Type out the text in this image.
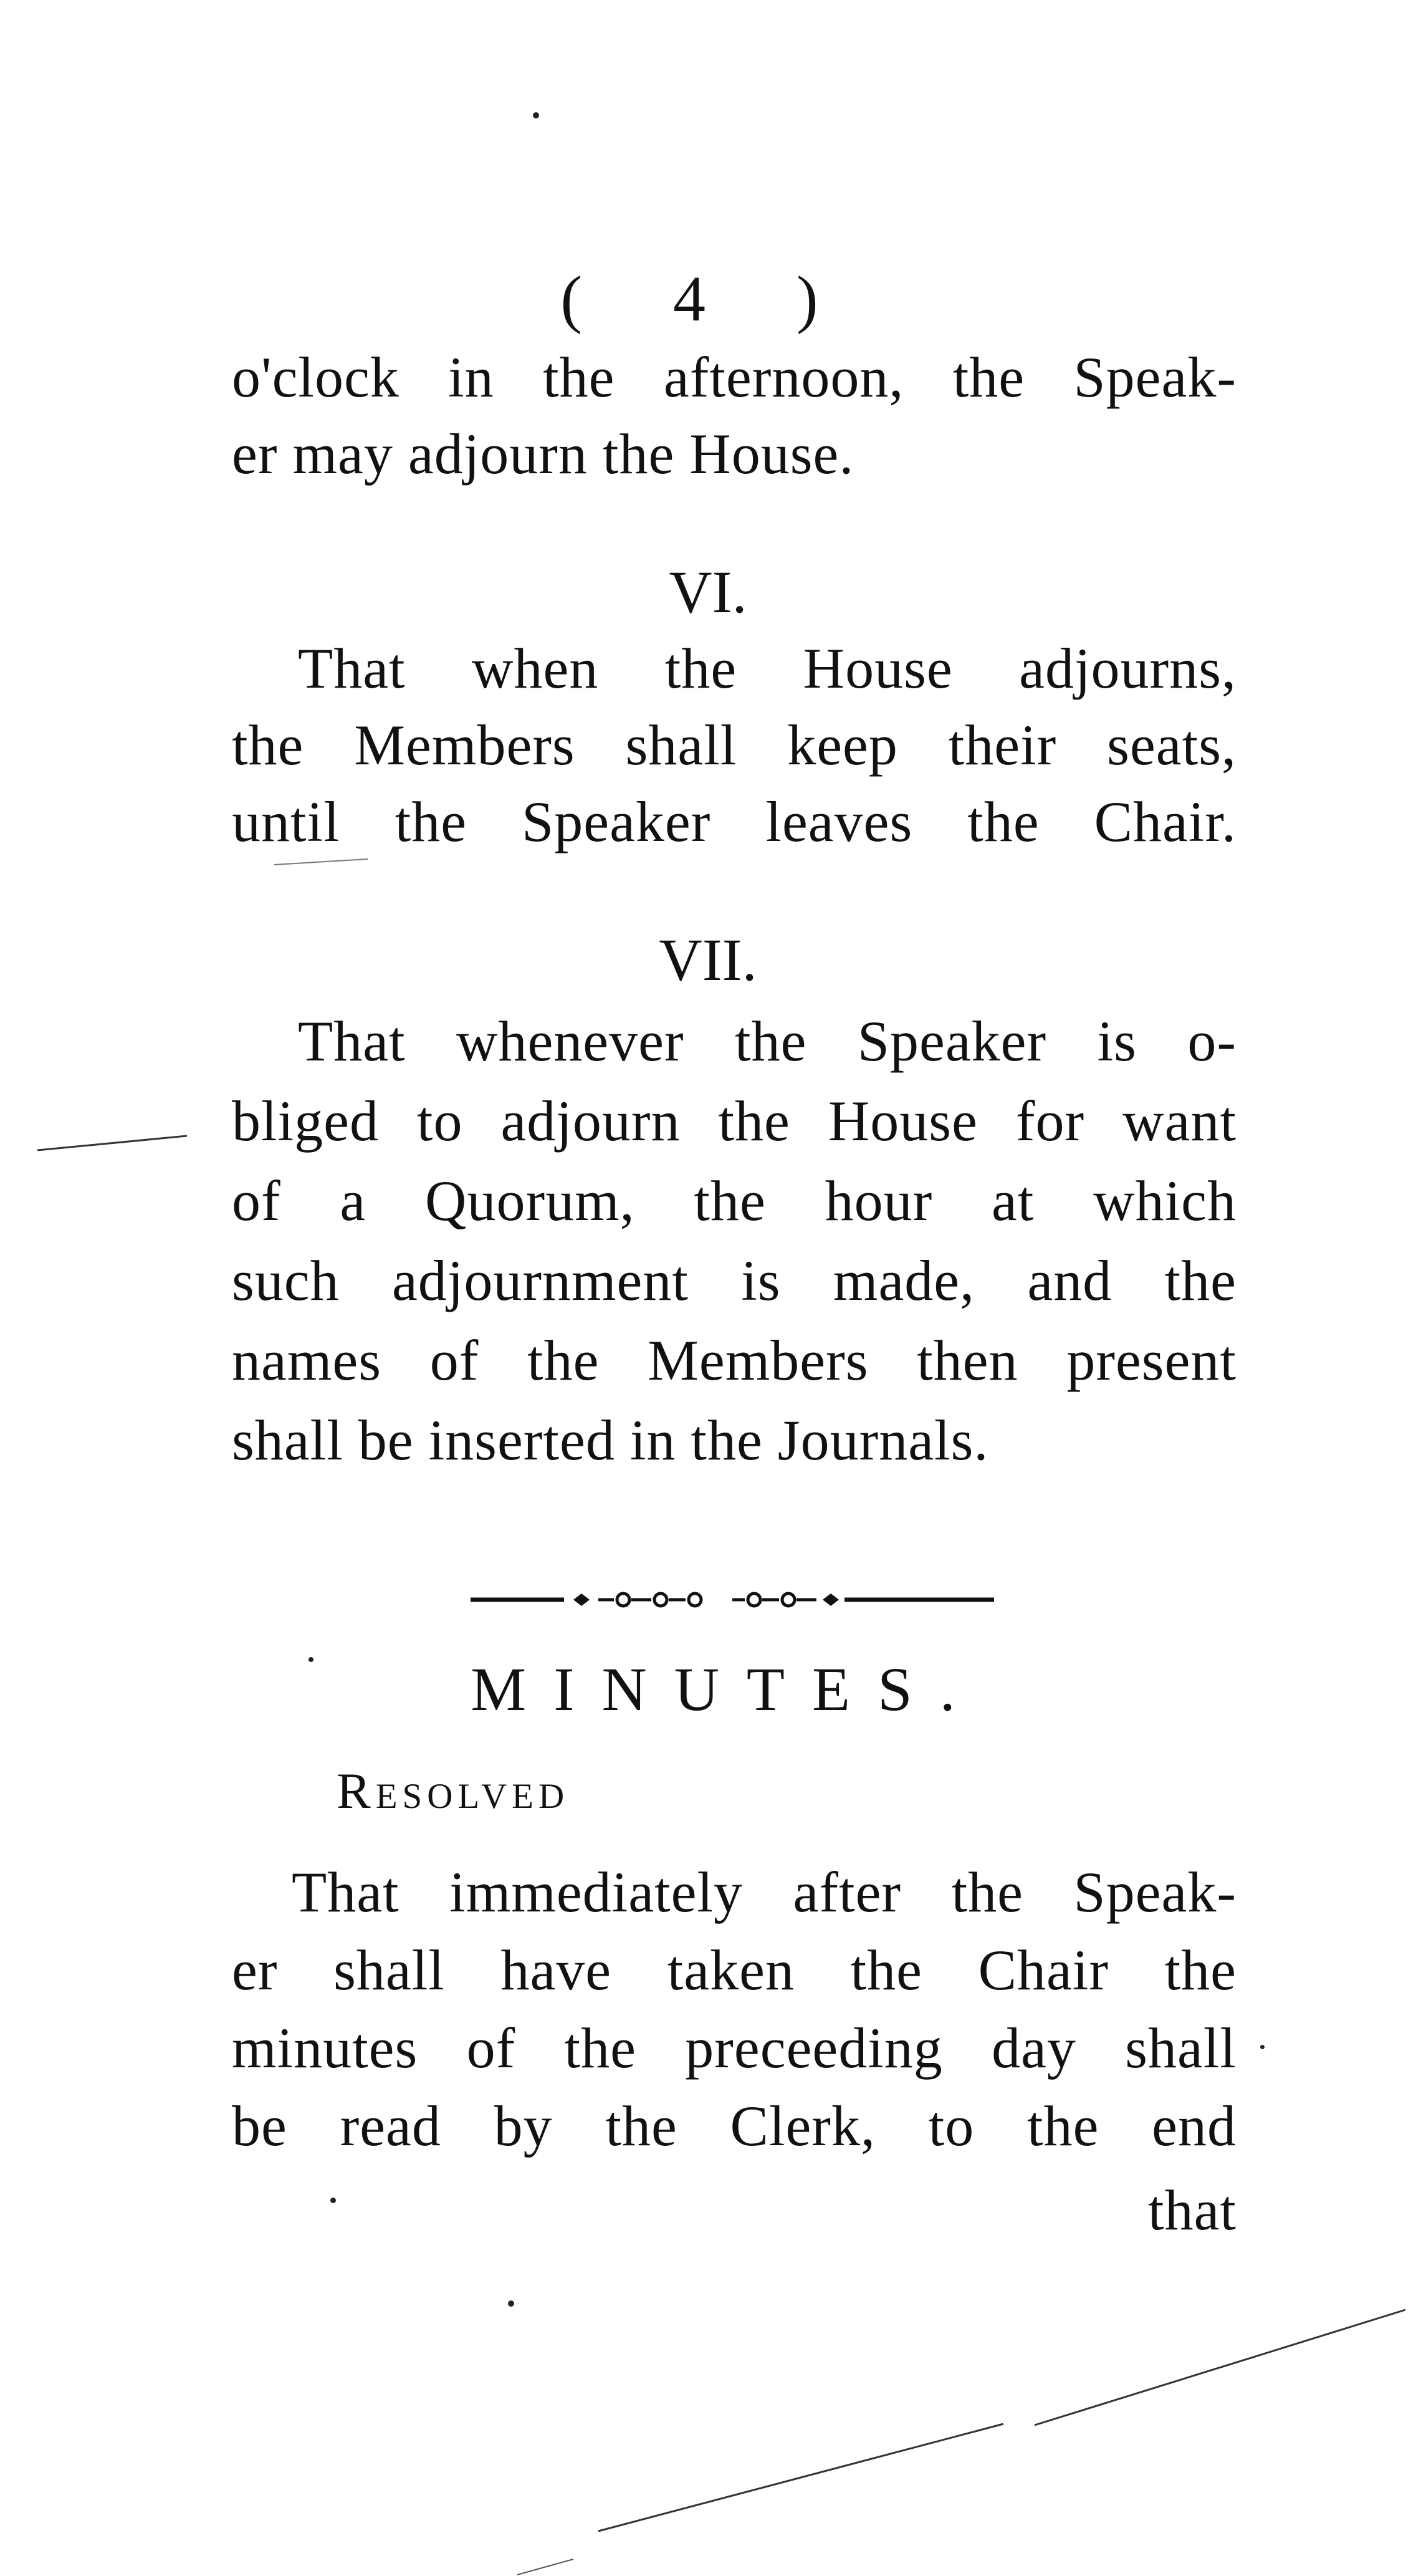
( 4 )
o'clock in the afternoon, the Speak-
er may adjourn the House.
VI.
That when the House adjourns,
the Members shall keep their seats,
until the Speaker leaves the Chair.
VII.
That whenever the Speaker is o-
bliged to adjourn the House for want
of a Quorum, the hour at which
such adjournment is made, and the
names of the Members then present
shall be inserted in the Journals.
MINUTES.
Resolved
That immediately after the Speak-
er shall have taken the Chair the
minutes of the preceeding day shall
be read by the Clerk, to the end
that
